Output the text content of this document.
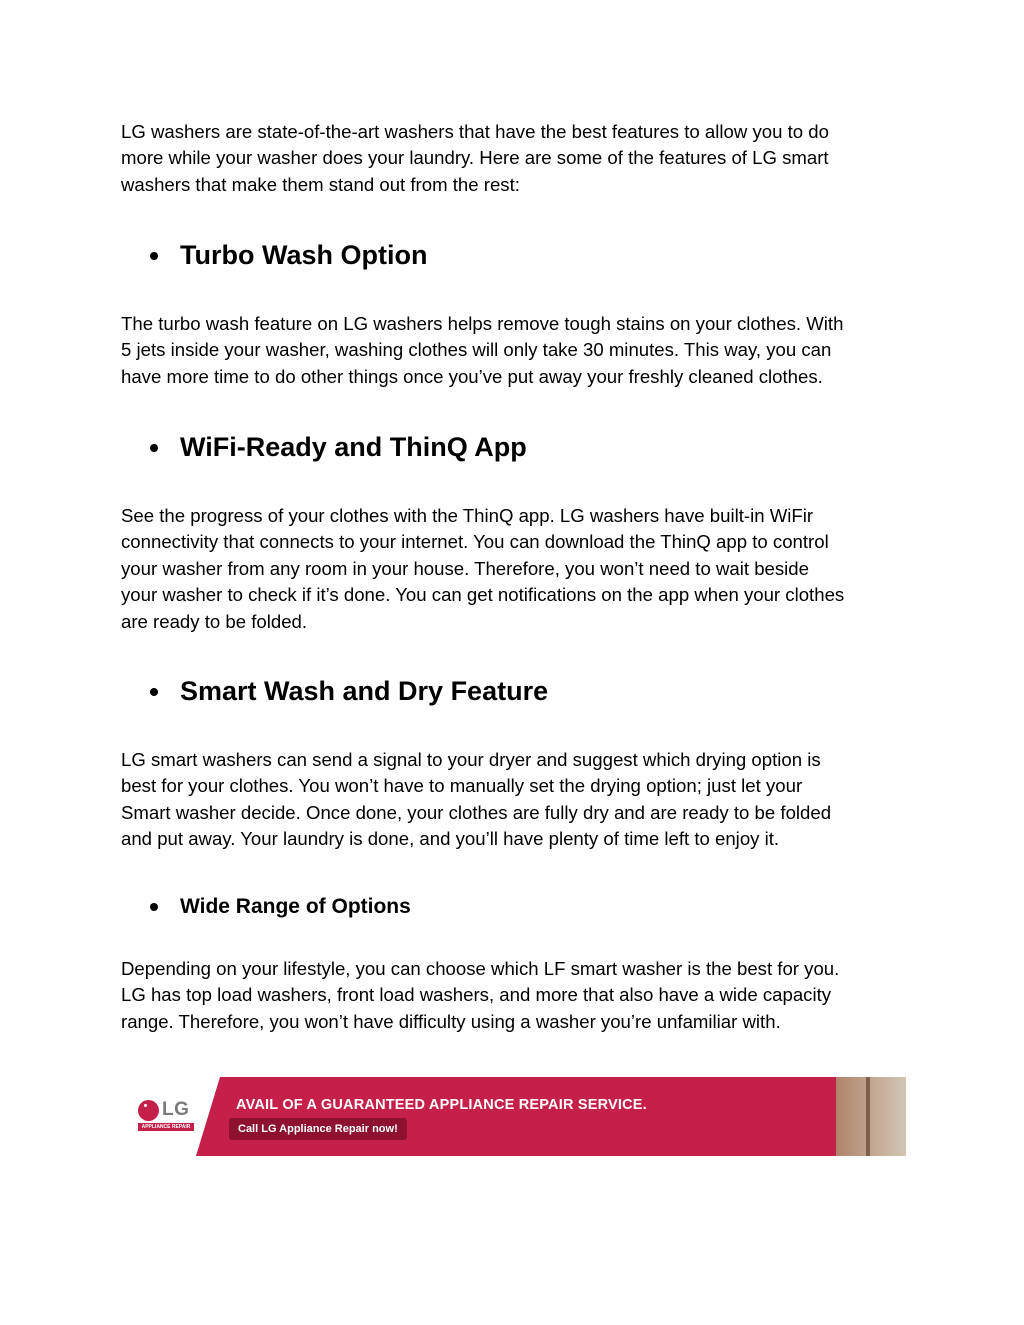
LG washers are state-of-the-art washers that have the best features to allow you to do
more while your washer does your laundry. Here are some of the features of LG smart
washers that make them stand out from the rest:

Turbo Wash Option

The turbo wash feature on LG washers helps remove tough stains on your clothes. With
5 jets inside your washer, washing clothes will only take 30 minutes. This way, you can
have more time to do other things once you’ve put away your freshly cleaned clothes.

WiFi-Ready and ThinQ App

See the progress of your clothes with the ThinQ app. LG washers have built-in WiFir
connectivity that connects to your internet. You can download the ThinQ app to control
your washer from any room in your house. Therefore, you won’t need to wait beside
your washer to check if it’s done. You can get notifications on the app when your clothes
are ready to be folded.

Smart Wash and Dry Feature

LG smart washers can send a signal to your dryer and suggest which drying option is
best for your clothes. You won’t have to manually set the drying option; just let your
Smart washer decide. Once done, your clothes are fully dry and are ready to be folded
and put away. Your laundry is done, and you’ll have plenty of time left to enjoy it.

Wide Range of Options

Depending on your lifestyle, you can choose which LF smart washer is the best for you.
LG has top load washers, front load washers, and more that also have a wide capacity
range. Therefore, you won’t have difficulty using a washer you’re unfamiliar with.

LG
APPLIANCE REPAIR
AVAIL OF A GUARANTEED APPLIANCE REPAIR SERVICE.
Call LG Appliance Repair now!
